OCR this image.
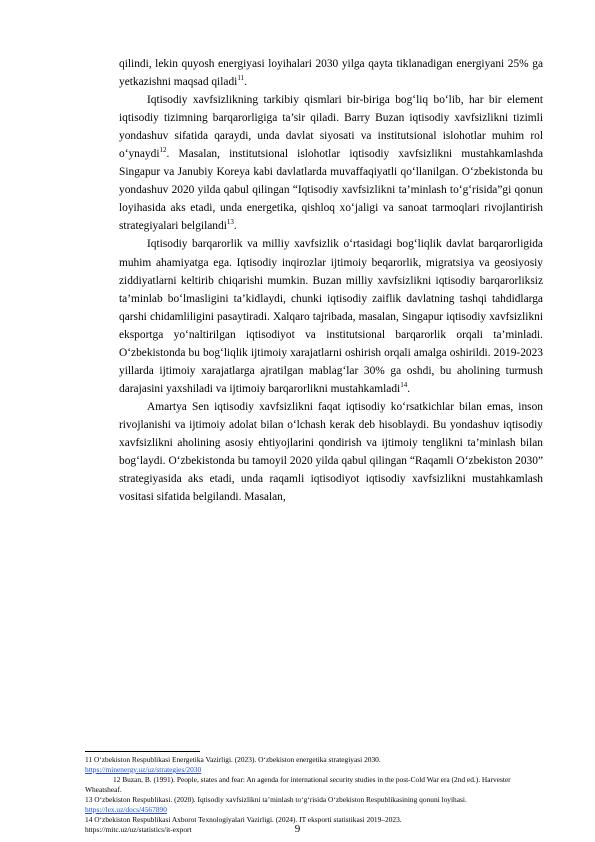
qilindi, lekin quyosh energiyasi loyihalari 2030 yilga qayta tiklanadigan energiyani 25% ga yetkazishni maqsad qiladi$^{11}$.

Iqtisodiy xavfsizlikning tarkibiy qismlari bir-biriga bog‘liq bo‘lib, har bir element iqtisodiy tizimning barqarorligiga ta’sir qiladi. Barry Buzan iqtisodiy xavfsizlikni tizimli yondashuv sifatida qaraydi, unda davlat siyosati va institutsional islohotlar muhim rol o‘ynaydi$^{12}$. Masalan, institutsional islohotlar iqtisodiy xavfsizlikni mustahkamlashda Singapur va Janubiy Koreya kabi davlatlarda muvaffaqiyatli qo‘llanilgan. O‘zbekistonda bu yondashuv 2020 yilda qabul qilingan “Iqtisodiy xavfsizlikni ta’minlash to‘g‘risida”gi qonun loyihasida aks etadi, unda energetika, qishloq xo‘jaligi va sanoat tarmoqlari rivojlantirish strategiyalari belgilandi$^{13}$.

Iqtisodiy barqarorlik va milliy xavfsizlik o‘rtasidagi bog‘liqlik davlat barqarorligida muhim ahamiyatga ega. Iqtisodiy inqirozlar ijtimoiy beqarorlik, migratsiya va geosiyosiy ziddiyatlarni keltirib chiqarishi mumkin. Buzan milliy xavfsizlikni iqtisodiy barqarorliksiz ta’minlab bo‘lmasligini ta’kidlaydi, chunki iqtisodiy zaiflik davlatning tashqi tahdidlarga qarshi chidamliligini pasaytiradi. Xalqaro tajribada, masalan, Singapur iqtisodiy xavfsizlikni eksportga yo‘naltirilgan iqtisodiyot va institutsional barqarorlik orqali ta’minladi. O‘zbekistonda bu bog‘liqlik ijtimoiy xarajatlarni oshirish orqali amalga oshirildi. 2019-2023 yillarda ijtimoiy xarajatlarga ajratilgan mablag‘lar 30% ga oshdi, bu aholining turmush darajasini yaxshiladi va ijtimoiy barqarorlikni mustahkamladi$^{14}$.

Amartya Sen iqtisodiy xavfsizlikni faqat iqtisodiy ko‘rsatkichlar bilan emas, inson rivojlanishi va ijtimoiy adolat bilan o‘lchash kerak deb hisoblaydi. Bu yondashuv iqtisodiy xavfsizlikni aholining asosiy ehtiyojlarini qondirish va ijtimoiy tenglikni ta’minlash bilan bog‘laydi. O‘zbekistonda bu tamoyil 2020 yilda qabul qilingan “Raqamli O‘zbekiston 2030” strategiyasida aks etadi, unda raqamli iqtisodiyot iqtisodiy xavfsizlikni mustahkamlash vositasi sifatida belgilandi. Masalan,

11 O‘zbekiston Respublikasi Energetika Vazirligi. (2023). O‘zbekiston energetika strategiyasi 2030.
https://minenergy.uz/uz/strategies/2030

12 Buzan, B. (1991). People, states and fear: An agenda for international security studies in the post-Cold War era (2nd ed.). Harvester Wheatsheaf.

13 O‘zbekiston Respublikasi. (2020). Iqtisodiy xavfsizlikni ta’minlash to‘g‘risida O‘zbekiston Respublikasining qonuni loyihasi. https://lex.uz/docs/4567890

14 O‘zbekiston Respublikasi Axborot Texnologiyalari Vazirligi. (2024). IT eksporti statistikasi 2019–2023.
https://mitc.uz/uz/statistics/it-export	9
